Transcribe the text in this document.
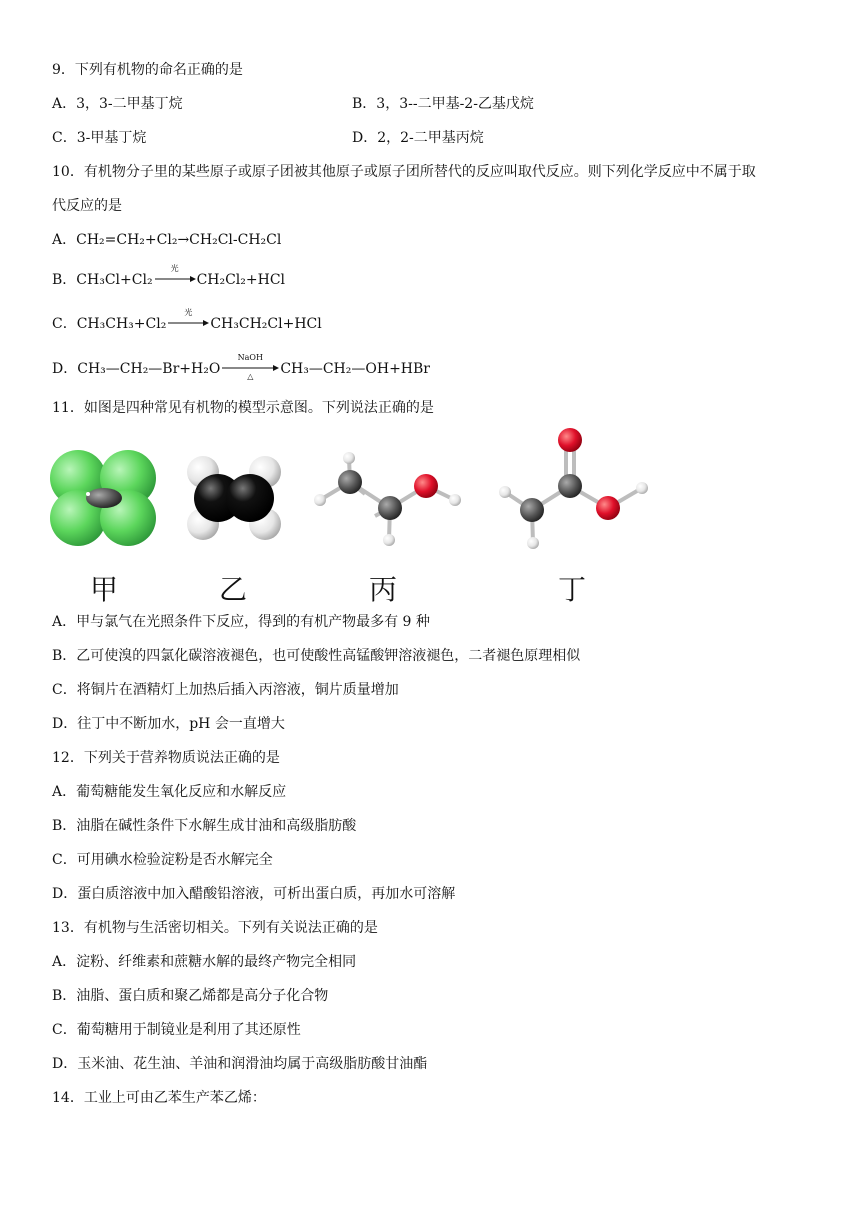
9．下列有机物的命名正确的是
A．3，3-二甲基丁烷	B．3，3--二甲基-2-乙基戊烷
C．3-甲基丁烷	D．2，2-二甲基丙烷
10．有机物分子里的某些原子或原子团被其他原子或原子团所替代的反应叫取代反应。则下列化学反应中不属于取
代反应的是
A．CH₂=CH₂+Cl₂→CH₂Cl-CH₂Cl
B．CH₃Cl+Cl₂
光
CH₂Cl₂+HCl
C．CH₃CH₃+Cl₂
光
CH₃CH₂Cl+HCl
D．CH₃—CH₂—Br+H₂O
NaOH
△	CH₃—CH₂—OH+HBr
11．如图是四种常见有机物的模型示意图。下列说法正确的是
甲	乙	丙	丁
A．甲与氯气在光照条件下反应，得到的有机产物最多有 9 种
B．乙可使溴的四氯化碳溶液褪色，也可使酸性高锰酸钾溶液褪色，二者褪色原理相似
C．将铜片在酒精灯上加热后插入丙溶液，铜片质量增加
D．往丁中不断加水，pH 会一直增大
12．下列关于营养物质说法正确的是
A．葡萄糖能发生氧化反应和水解反应
B．油脂在碱性条件下水解生成甘油和高级脂肪酸
C．可用碘水检验淀粉是否水解完全
D．蛋白质溶液中加入醋酸铅溶液，可析出蛋白质，再加水可溶解
13．有机物与生活密切相关。下列有关说法正确的是
A．淀粉、纤维素和蔗糖水解的最终产物完全相同
B．油脂、蛋白质和聚乙烯都是高分子化合物
C．葡萄糖用于制镜业是利用了其还原性
D．玉米油、花生油、羊油和润滑油均属于高级脂肪酸甘油酯
14．工业上可由乙苯生产苯乙烯：
